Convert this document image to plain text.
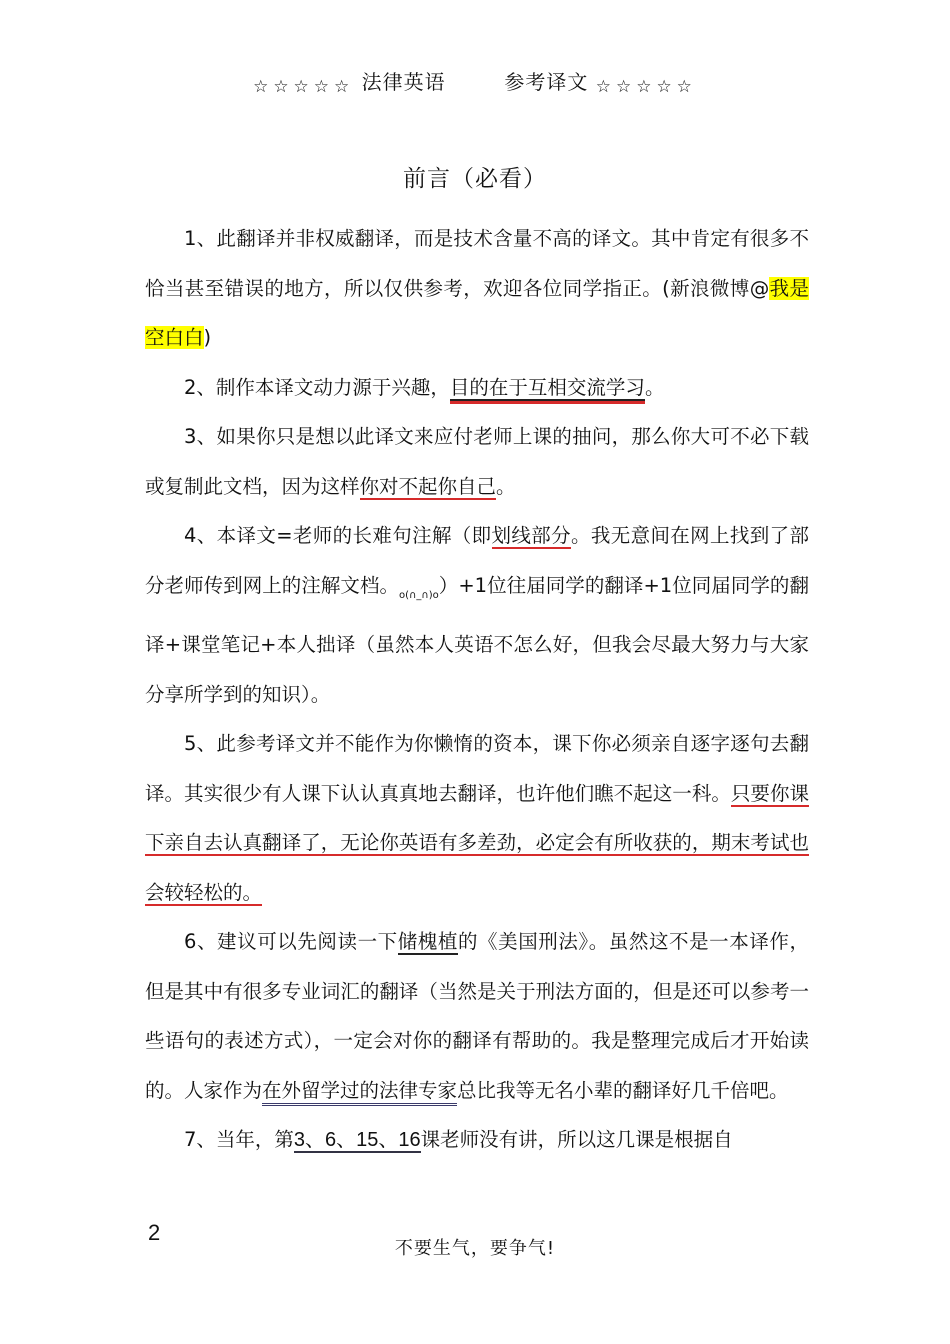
☆☆☆☆☆ 法律英语	参考译文 ☆☆☆☆☆
前言（必看）

1、此翻译并非权威翻译，而是技术含量不高的译文。其中肯定有很多不恰当甚至错误的地方，所以仅供参考，欢迎各位同学指正。(新浪微博@我是空白白)

2、制作本译文动力源于兴趣，目的在于互相交流学习。

3、如果你只是想以此译文来应付老师上课的抽问，那么你大可不必下载或复制此文档，因为这样你对不起你自己。

4、本译文=老师的长难句注解（即划线部分。我无意间在网上找到了部分老师传到网上的注解文档。$_{o(\cap\_\cap)o}$）+1位往届同学的翻译+1位同届同学的翻译+课堂笔记+本人拙译（虽然本人英语不怎么好，但我会尽最大努力与大家分享所学到的知识）。

5、此参考译文并不能作为你懒惰的资本，课下你必须亲自逐字逐句去翻译。其实很少有人课下认认真真地去翻译，也许他们瞧不起这一科。只要你课下亲自去认真翻译了，无论你英语有多差劲，必定会有所收获的，期末考试也会较轻松的。

6、建议可以先阅读一下储槐植的《美国刑法》。虽然这不是一本译作，但是其中有很多专业词汇的翻译（当然是关于刑法方面的，但是还可以参考一些语句的表述方式），一定会对你的翻译有帮助的。我是整理完成后才开始读的。人家作为在外留学过的法律专家总比我等无名小辈的翻译好几千倍吧。

7、当年，第3、6、15、16课老师没有讲，所以这几课是根据自

2
不要生气，要争气!
